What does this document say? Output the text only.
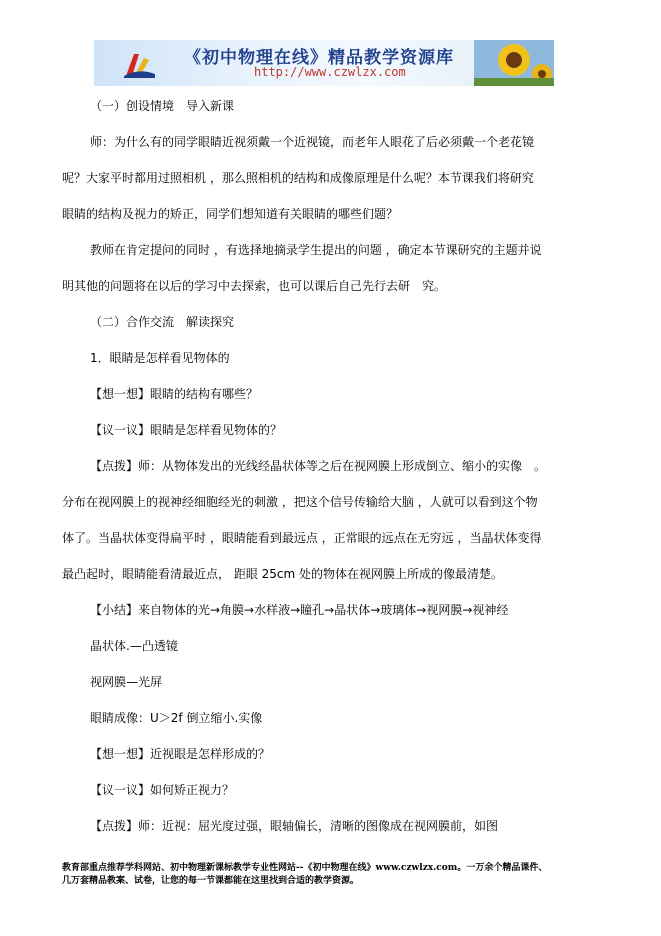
《初中物理在线》精品教学资源库
http://www.czwlzx.com

（一）创设情境　导入新课

师：为什么有的同学眼睛近视须戴一个近视镜，而老年人眼花了后必须戴一个老花镜

呢？大家平时都用过照相机 ，那么照相机的结构和成像原理是什么呢？本节课我们将研究

眼睛的结构及视力的矫正，同学们想知道有关眼睛的哪些们题？

教师在肯定提问的同时 ，有选择地摘录学生提出的问题 ，确定本节课研究的主题并说

明其他的问题将在以后的学习中去探索，也可以课后自己先行去研　究。

（二）合作交流　解读探究

1．眼睛是怎样看见物体的

【想一想】眼睛的结构有哪些？

【议一议】眼睛是怎样看见物体的？

【点拨】师：从物体发出的光线经晶状体等之后在视网膜上形成倒立、缩小的实像　。

分布在视网膜上的视神经细胞经光的刺激 ，把这个信号传输给大脑 ，人就可以看到这个物

体了。当晶状体变得扁平时 ，眼睛能看到最远点 ，正常眼的远点在无穷远 ，当晶状体变得

最凸起时，眼睛能看清最近点， 距眼 25cm 处的物体在视网膜上所成的像最清楚。

【小结】来自物体的光→角膜→水样液→瞳孔→晶状体→玻璃体→视网膜→视神经

晶状体.—凸透镜

视网膜—光屏

眼睛成像：U＞2f 倒立缩小.实像

【想一想】近视眼是怎样形成的？

【议一议】如何矫正视力？

【点拨】师：近视：屈光度过强，眼轴偏长，清晰的图像成在视网膜前，如图

教育部重点推荐学科网站、初中物理新课标教学专业性网站--《初中物理在线》www.czwlzx.com。一万余个精品课件、
几万套精品教案、试卷，让您的每一节课都能在这里找到合适的教学资源。
